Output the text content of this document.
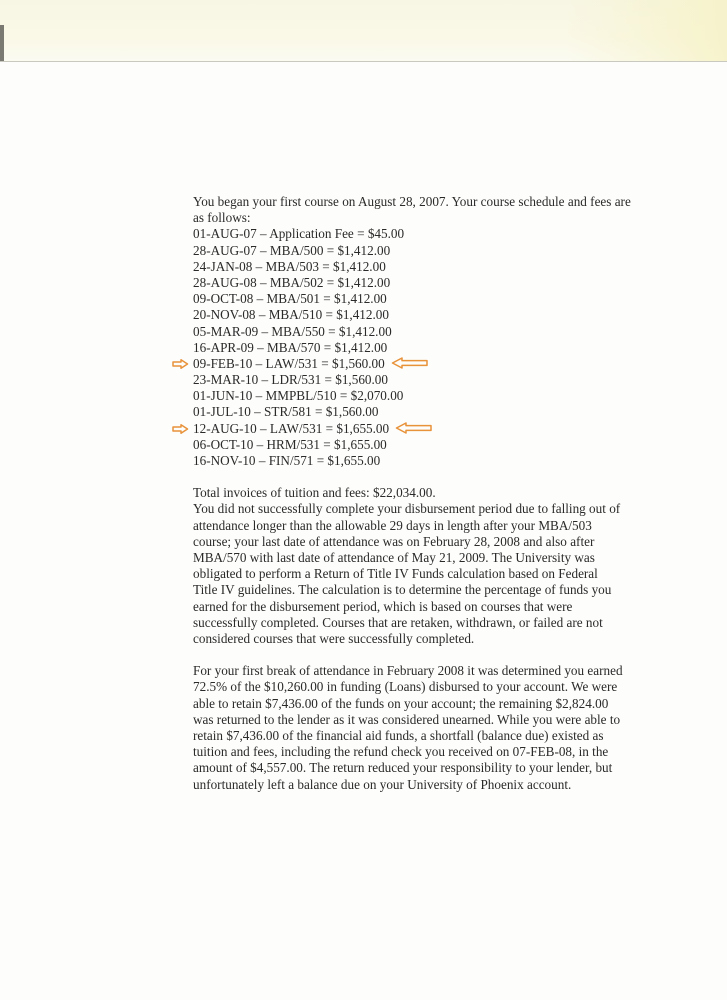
You began your first course on August 28, 2007. Your course schedule and fees are as follows:

01-AUG-07 – Application Fee = $45.00
28-AUG-07 – MBA/500 = $1,412.00
24-JAN-08 – MBA/503 = $1,412.00
28-AUG-08 – MBA/502 = $1,412.00
09-OCT-08 – MBA/501 = $1,412.00
20-NOV-08 – MBA/510 = $1,412.00
05-MAR-09 – MBA/550 = $1,412.00
16-APR-09 – MBA/570 = $1,412.00
09-FEB-10 – LAW/531 = $1,560.00
23-MAR-10 – LDR/531 = $1,560.00
01-JUN-10 – MMPBL/510 = $2,070.00
01-JUL-10 – STR/581 = $1,560.00
12-AUG-10 – LAW/531 = $1,655.00
06-OCT-10 – HRM/531 = $1,655.00
16-NOV-10 – FIN/571 = $1,655.00

Total invoices of tuition and fees: $22,034.00.

You did not successfully complete your disbursement period due to falling out of attendance longer than the allowable 29 days in length after your MBA/503 course; your last date of attendance was on February 28, 2008 and also after MBA/570 with last date of attendance of May 21, 2009. The University was obligated to perform a Return of Title IV Funds calculation based on Federal Title IV guidelines. The calculation is to determine the percentage of funds you earned for the disbursement period, which is based on courses that were successfully completed. Courses that are retaken, withdrawn, or failed are not considered courses that were successfully completed.

For your first break of attendance in February 2008 it was determined you earned 72.5% of the $10,260.00 in funding (Loans) disbursed to your account. We were able to retain $7,436.00 of the funds on your account; the remaining $2,824.00 was returned to the lender as it was considered unearned. While you were able to retain $7,436.00 of the financial aid funds, a shortfall (balance due) existed as tuition and fees, including the refund check you received on 07-FEB-08, in the amount of $4,557.00. The return reduced your responsibility to your lender, but unfortunately left a balance due on your University of Phoenix account.
